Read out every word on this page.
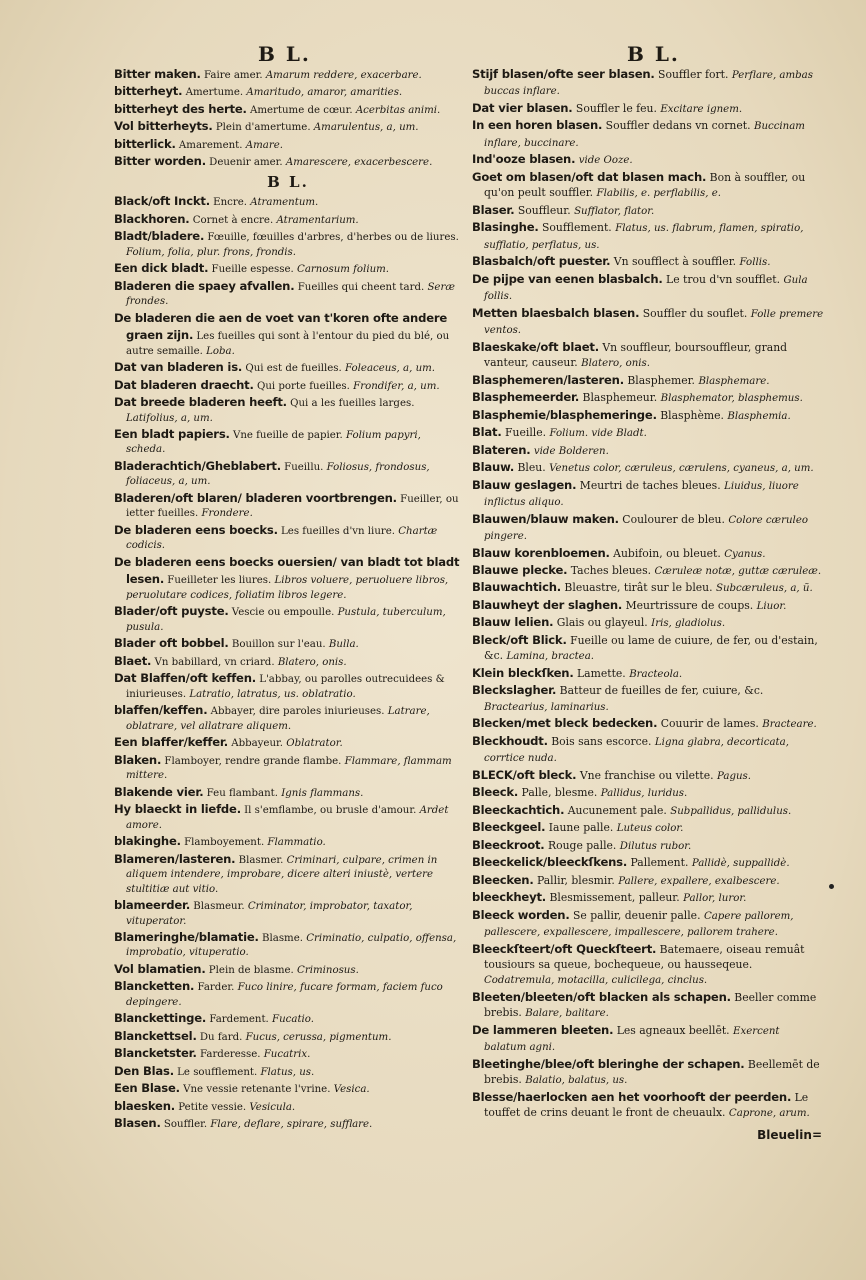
B L.	B L.

Bitter maken. Faire amer. Amarum reddere, exacerbare.

bitterheyt. Amertume. Amaritudo, amaror, amarities.

bitterheyt des herte. Amertume de cœur. Acerbitas animi.

Vol bitterheyts. Plein d'amertume. Amarulentus, a, um.

bitterlick. Amarement. Amare.

Bitter worden. Deuenir amer. Amarescere, exacerbescere.

B L.

Black/oft Inckt. Encre. Atramentum.

Blackhoren. Cornet à encre. Atramentarium.

Bladt/bladere. Fœuille, fœuilles d'arbres, d'herbes ou de liures. Folium, folia, plur. frons, frondis.

Een dick bladt. Fueille espesse. Carnosum folium.

Bladeren die spaey afvallen. Fueilles qui cheent tard. Seræ frondes.

De bladeren die aen de voet van t'koren ofte andere graen zijn. Les fueilles qui sont à l'entour du pied du blé, ou autre semaille. Loba.

Dat van bladeren is. Qui est de fueilles. Foleaceus, a, um.

Dat bladeren draecht. Qui porte fueilles. Frondifer, a, um.

Dat breede bladeren heeft. Qui a les fueilles larges. Latifolius, a, um.

Een bladt papiers. Vne fueille de papier. Folium papyri, scheda.

Bladerachtich/Gheblabert. Fueillu. Foliosus, frondosus, foliaceus, a, um.

Bladeren/oft blaren/ bladeren voortbrengen. Fueiller, ou ietter fueilles. Frondere.

De bladeren eens boecks. Les fueilles d'vn liure. Chartæ codicis.

De bladeren eens boecks ouersien/ van bladt tot bladt lesen. Fueilleter les liures. Libros voluere, peruoluere libros, peruolutare codices, foliatim libros legere.

Blader/oft puyste. Vescie ou empoulle. Pustula, tuberculum, pusula.

Blader oft bobbel. Bouillon sur l'eau. Bulla.

Blaet. Vn babillard, vn criard. Blatero, onis.

Dat Blaffen/oft keffen. L'abbay, ou parolles outrecuidees & iniurieuses. Latratio, latratus, us. oblatratio.

blaffen/keffen. Abbayer, dire paroles iniurieuses. Latrare, oblatrare, vel allatrare aliquem.

Een blaffer/keffer. Abbayeur. Oblatrator.

Blaken. Flamboyer, rendre grande flambe. Flammare, flammam mittere.

Blakende vier. Feu flambant. Ignis flammans.

Hy blaeckt in liefde. Il s'emflambe, ou brusle d'amour. Ardet amore.

blakinghe. Flamboyement. Flammatio.

Blameren/lasteren. Blasmer. Criminari, culpare, crimen in aliquem intendere, improbare, dicere alteri iniustè, vertere stultitiæ aut vitio.

blameerder. Blasmeur. Criminator, improbator, taxator, vituperator.

Blameringhe/blamatie. Blasme. Criminatio, culpatio, offensa, improbatio, vituperatio.

Vol blamatien. Plein de blasme. Criminosus.

Blancketten. Farder. Fuco linire, fucare formam, faciem fuco depingere.

Blanckettinge. Fardement. Fucatio.

Blanckettsel. Du fard. Fucus, cerussa, pigmentum.

Blancketster. Farderesse. Fucatrix.

Den Blas. Le soufflement. Flatus, us.

Een Blase. Vne vessie retenante l'vrine. Vesica.

blaesken. Petite vessie. Vesicula.

Blasen. Souffler. Flare, deflare, spirare, sufflare.

Stijf blasen/ofte seer blasen. Souffler fort. Perflare, ambas buccas inflare.

Dat vier blasen. Souffler le feu. Excitare ignem.

In een horen blasen. Souffler dedans vn cornet. Buccinam inflare, buccinare.

Ind'ooze blasen. vide Ooze.

Goet om blasen/oft dat blasen mach. Bon à souffler, ou qu'on peult souffler. Flabilis, e. perflabilis, e.

Blaser. Souffleur. Sufflator, flator.

Blasinghe. Soufflement. Flatus, us. flabrum, flamen, spiratio, sufflatio, perflatus, us.

Blasbalch/oft puester. Vn soufflect à souffler. Follis.

De pijpe van eenen blasbalch. Le trou d'vn soufflet. Gula follis.

Metten blaesbalch blasen. Souffler du souflet. Folle premere ventos.

Blaeskake/oft blaet. Vn souffleur, boursouffleur, grand vanteur, causeur. Blatero, onis.

Blasphemeren/lasteren. Blasphemer. Blasphemare.

Blasphemeerder. Blasphemeur. Blasphemator, blasphemus.

Blasphemie/blasphemeringe. Blasphème. Blasphemia.

Blat. Fueille. Folium. vide Bladt.

Blateren. vide Bolderen.

Blauw. Bleu. Venetus color, cæruleus, cærulens, cyaneus, a, um.

Blauw geslagen. Meurtri de taches bleues. Liuidus, liuore inflictus aliquo.

Blauwen/blauw maken. Coulourer de bleu. Colore cæruleo pingere.

Blauw korenbloemen. Aubifoin, ou bleuet. Cyanus.

Blauwe plecke. Taches bleues. Cæruleæ notæ, guttæ cæruleæ.

Blauwachtich. Bleuastre, tirât sur le bleu. Subcæruleus, a, ũ.

Blauwheyt der slaghen. Meurtrissure de coups. Liuor.

Blauw lelien. Glais ou glayeul. Iris, gladiolus.

Bleck/oft Blick. Fueille ou lame de cuiure, de fer, ou d'estain, &c. Lamina, bractea.

Klein bleckſken. Lamette. Bracteola.

Bleckslagher. Batteur de fueilles de fer, cuiure, &c. Bractearius, laminarius.

Blecken/met bleck bedecken. Couurir de lames. Bracteare.

Bleckhoudt. Bois sans escorce. Ligna glabra, decorticata, corrtice nuda.

BLECK/oft bleck. Vne franchise ou vilette. Pagus.

Bleeck. Palle, blesme. Pallidus, luridus.

Bleeckachtich. Aucunement pale. Subpallidus, pallidulus.

Bleeckgeel. Iaune palle. Luteus color.

Bleeckroot. Rouge palle. Dilutus rubor.

Bleeckelick/bleeckſkens. Pallement. Pallidè, suppallidè.

Bleecken. Pallir, blesmir. Pallere, expallere, exalbescere.

bleeckheyt. Blesmissement, palleur. Pallor, luror.

Bleeck worden. Se pallir, deuenir palle. Capere pallorem, pallescere, expallescere, impallescere, pallorem trahere.

Bleeckſteert/oft Queckſteert. Batemaere, oiseau remuât tousiours sa queue, bochequeue, ou hausseqeue. Codatremula, motacilla, culicilega, cinclus.

Bleeten/bleeten/oft blacken als schapen. Beeller comme brebis. Balare, balitare.

De lammeren bleeten. Les agneaux beellēt. Exercent balatum agni.

Bleetinghe/blee/oft bleringhe der schapen. Beellemēt de brebis. Balatio, balatus, us.

Blesse/haerlocken aen het voorhooft der peerden. Le touffet de crins deuant le front de cheuaulx. Caprone, arum.

Bleuelin=
